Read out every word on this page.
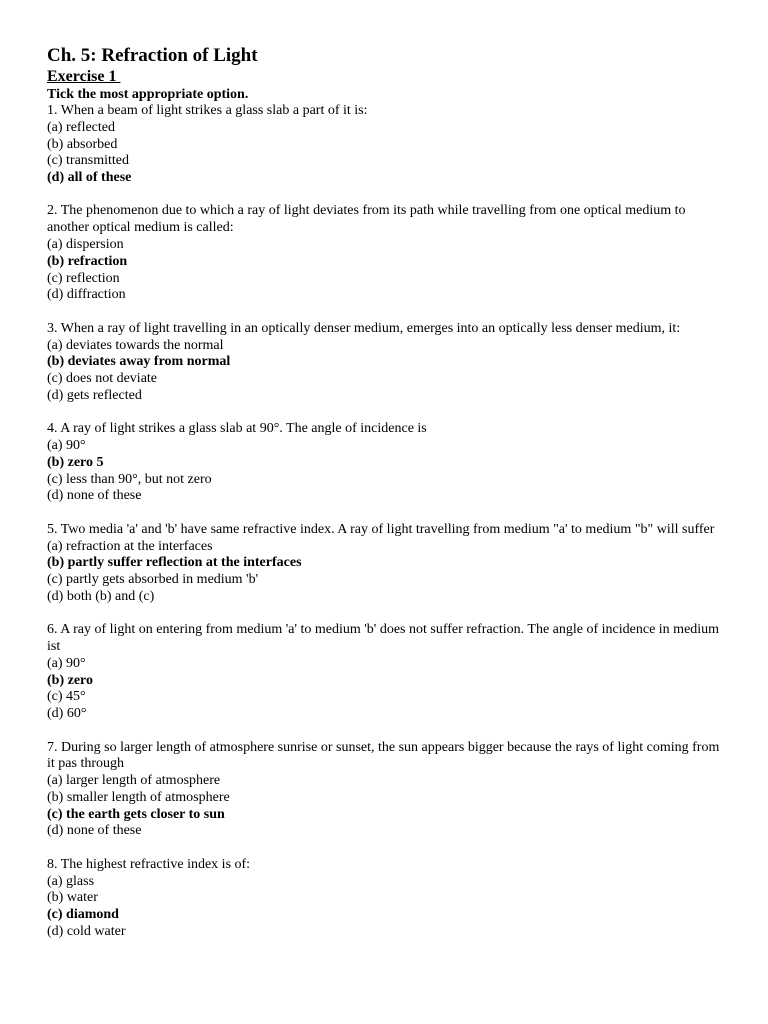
Ch. 5: Refraction of Light
Exercise 1
Tick the most appropriate option.
1. When a beam of light strikes a glass slab a part of it is:
(a) reflected
(b) absorbed
(c) transmitted
(d) all of these
2. The phenomenon due to which a ray of light deviates from its path while travelling from one optical medium to another optical medium is called:
(a) dispersion
(b) refraction
(c) reflection
(d) diffraction
3. When a ray of light travelling in an optically denser medium, emerges into an optically less denser medium, it:
(a) deviates towards the normal
(b) deviates away from normal
(c) does not deviate
(d) gets reflected
4. A ray of light strikes a glass slab at 90°. The angle of incidence is
(a) 90°
(b) zero 5
(c) less than 90°, but not zero
(d) none of these
5. Two media 'a' and 'b' have same refractive index. A ray of light travelling from medium "a' to medium "b" will suffer
(a) refraction at the interfaces
(b) partly suffer reflection at the interfaces
(c) partly gets absorbed in medium 'b'
(d) both (b) and (c)
6. A ray of light on entering from medium 'a' to medium 'b' does not suffer refraction. The angle of incidence in medium ist
(a) 90°
(b) zero
(c) 45°
(d) 60°
7. During so larger length of atmosphere sunrise or sunset, the sun appears bigger because the rays of light coming from it pas through
(a) larger length of atmosphere
(b) smaller length of atmosphere
(c) the earth gets closer to sun
(d) none of these
8. The highest refractive index is of:
(a) glass
(b) water
(c) diamond
(d) cold water
